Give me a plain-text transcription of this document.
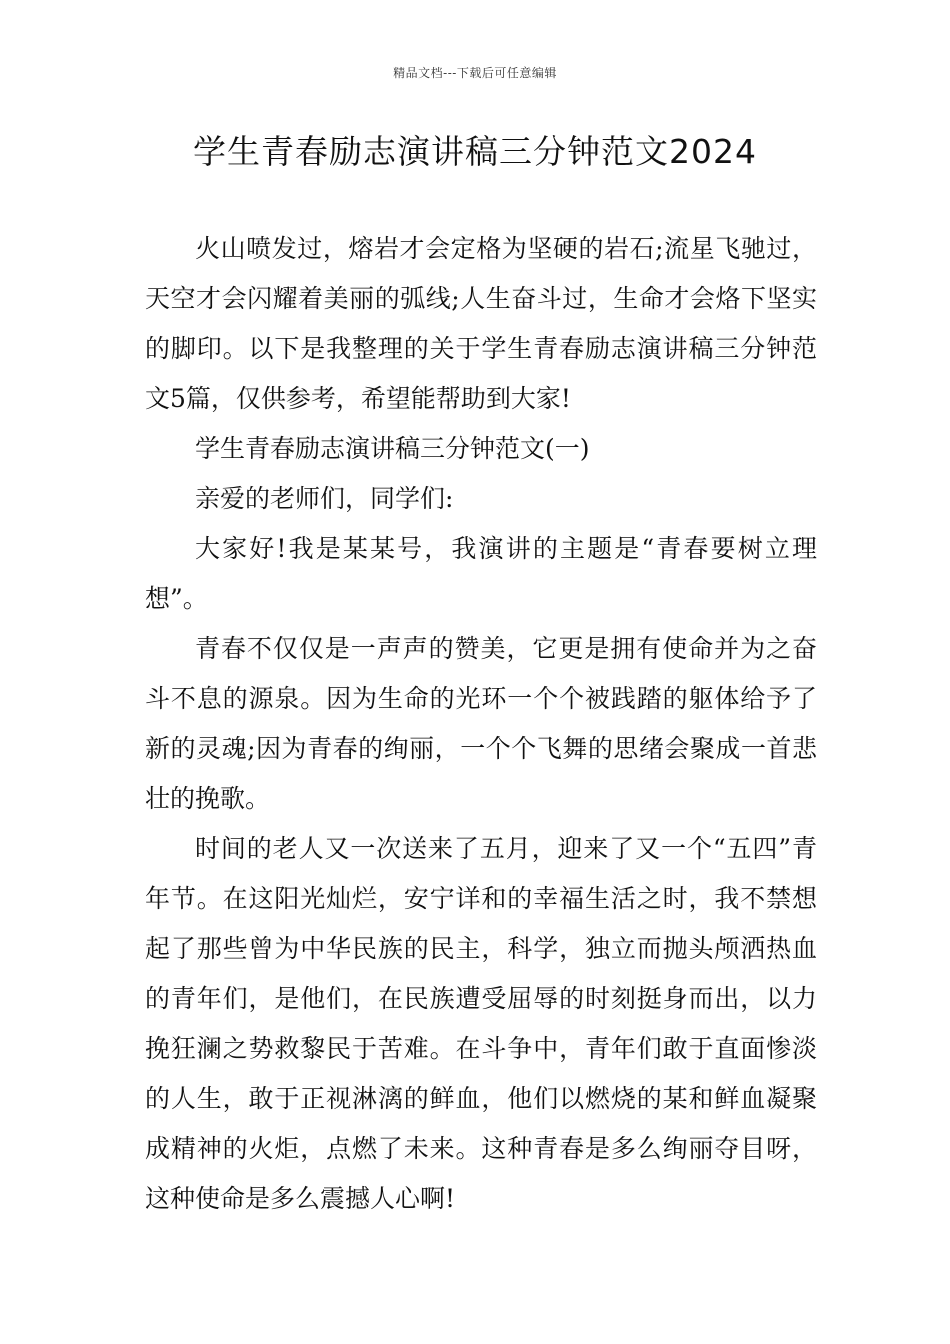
精品文档---下载后可任意编辑
学生青春励志演讲稿三分钟范文2024

火山喷发过，熔岩才会定格为坚硬的岩石;流星飞驰过，天空才会闪耀着美丽的弧线;人生奋斗过，生命才会烙下坚实的脚印。以下是我整理的关于学生青春励志演讲稿三分钟范文5篇，仅供参考，希望能帮助到大家!

学生青春励志演讲稿三分钟范文(一)

亲爱的老师们，同学们:

大家好!我是某某号，我演讲的主题是“青春要树立理想”。

青春不仅仅是一声声的赞美，它更是拥有使命并为之奋斗不息的源泉。因为生命的光环一个个被践踏的躯体给予了新的灵魂;因为青春的绚丽，一个个飞舞的思绪会聚成一首悲壮的挽歌。

时间的老人又一次送来了五月，迎来了又一个“五四”青年节。在这阳光灿烂，安宁详和的幸福生活之时，我不禁想起了那些曾为中华民族的民主，科学，独立而抛头颅洒热血的青年们，是他们，在民族遭受屈辱的时刻挺身而出，以力挽狂澜之势救黎民于苦难。在斗争中，青年们敢于直面惨淡的人生，敢于正视淋漓的鲜血，他们以燃烧的某和鲜血凝聚成精神的火炬，点燃了未来。这种青春是多么绚丽夺目呀，这种使命是多么震撼人心啊!
